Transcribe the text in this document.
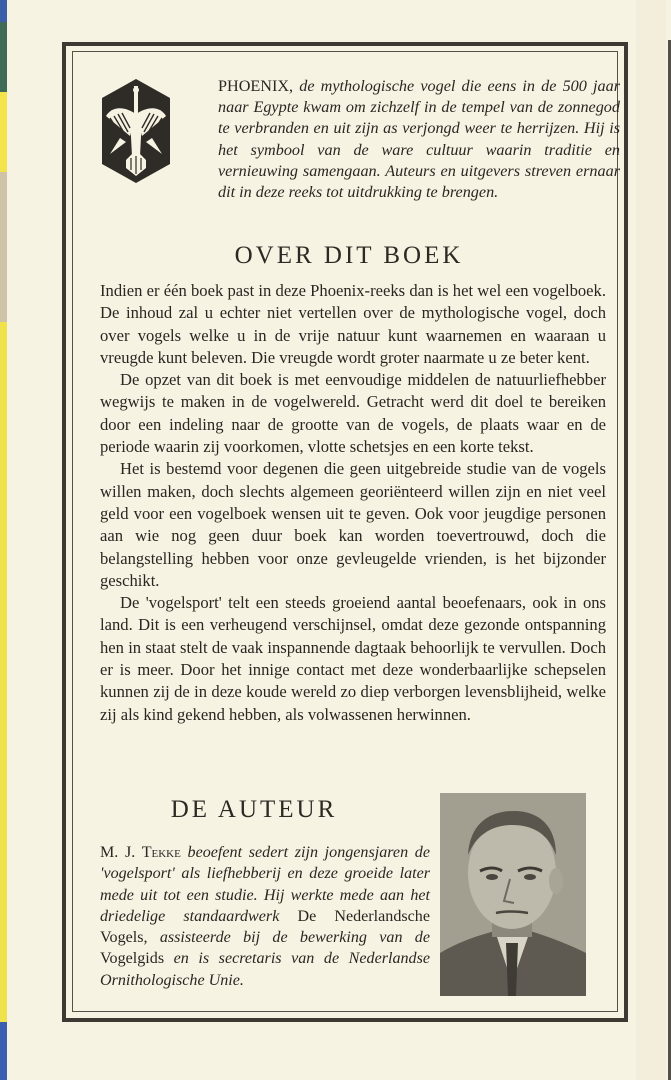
PHOENIX, de mythologische vogel die eens in de 500 jaar naar Egypte kwam om zichzelf in de tempel van de zonnegod te verbranden en uit zijn as verjongd weer te herrijzen. Hij is het symbool van de ware cultuur waarin traditie en vernieuwing samengaan. Auteurs en uitgevers streven ernaar dit in deze reeks tot uitdrukking te brengen.
OVER DIT BOEK

Indien er één boek past in deze Phoenix-reeks dan is het wel een vogelboek. De inhoud zal u echter niet vertellen over de mythologische vogel, doch over vogels welke u in de vrije natuur kunt waarnemen en waaraan u vreugde kunt beleven. Die vreugde wordt groter naarmate u ze beter kent.

De opzet van dit boek is met eenvoudige middelen de natuurliefhebber wegwijs te maken in de vogelwereld. Getracht werd dit doel te bereiken door een indeling naar de grootte van de vogels, de plaats waar en de periode waarin zij voorkomen, vlotte schetsjes en een korte tekst.

Het is bestemd voor degenen die geen uitgebreide studie van de vogels willen maken, doch slechts algemeen georiënteerd willen zijn en niet veel geld voor een vogelboek wensen uit te geven. Ook voor jeugdige personen aan wie nog geen duur boek kan worden toevertrouwd, doch die belangstelling hebben voor onze gevleugelde vrienden, is het bijzonder geschikt.

De 'vogelsport' telt een steeds groeiend aantal beoefenaars, ook in ons land. Dit is een verheugend verschijnsel, omdat deze gezonde ontspanning hen in staat stelt de vaak inspannende dagtaak behoorlijk te vervullen. Doch er is meer. Door het innige contact met deze wonderbaarlijke schepselen kunnen zij de in deze koude wereld zo diep verborgen levensblijheid, welke zij als kind gekend hebben, als volwassenen herwinnen.

DE AUTEUR
M. J. Tekke beoefent sedert zijn jongensjaren de 'vogelsport' als liefhebberij en deze groeide later mede uit tot een studie. Hij werkte mede aan het driedelige standaardwerk De Nederlandsche Vogels, assisteerde bij de bewerking van de Vogelgids en is secretaris van de Nederlandse Ornithologische Unie.
